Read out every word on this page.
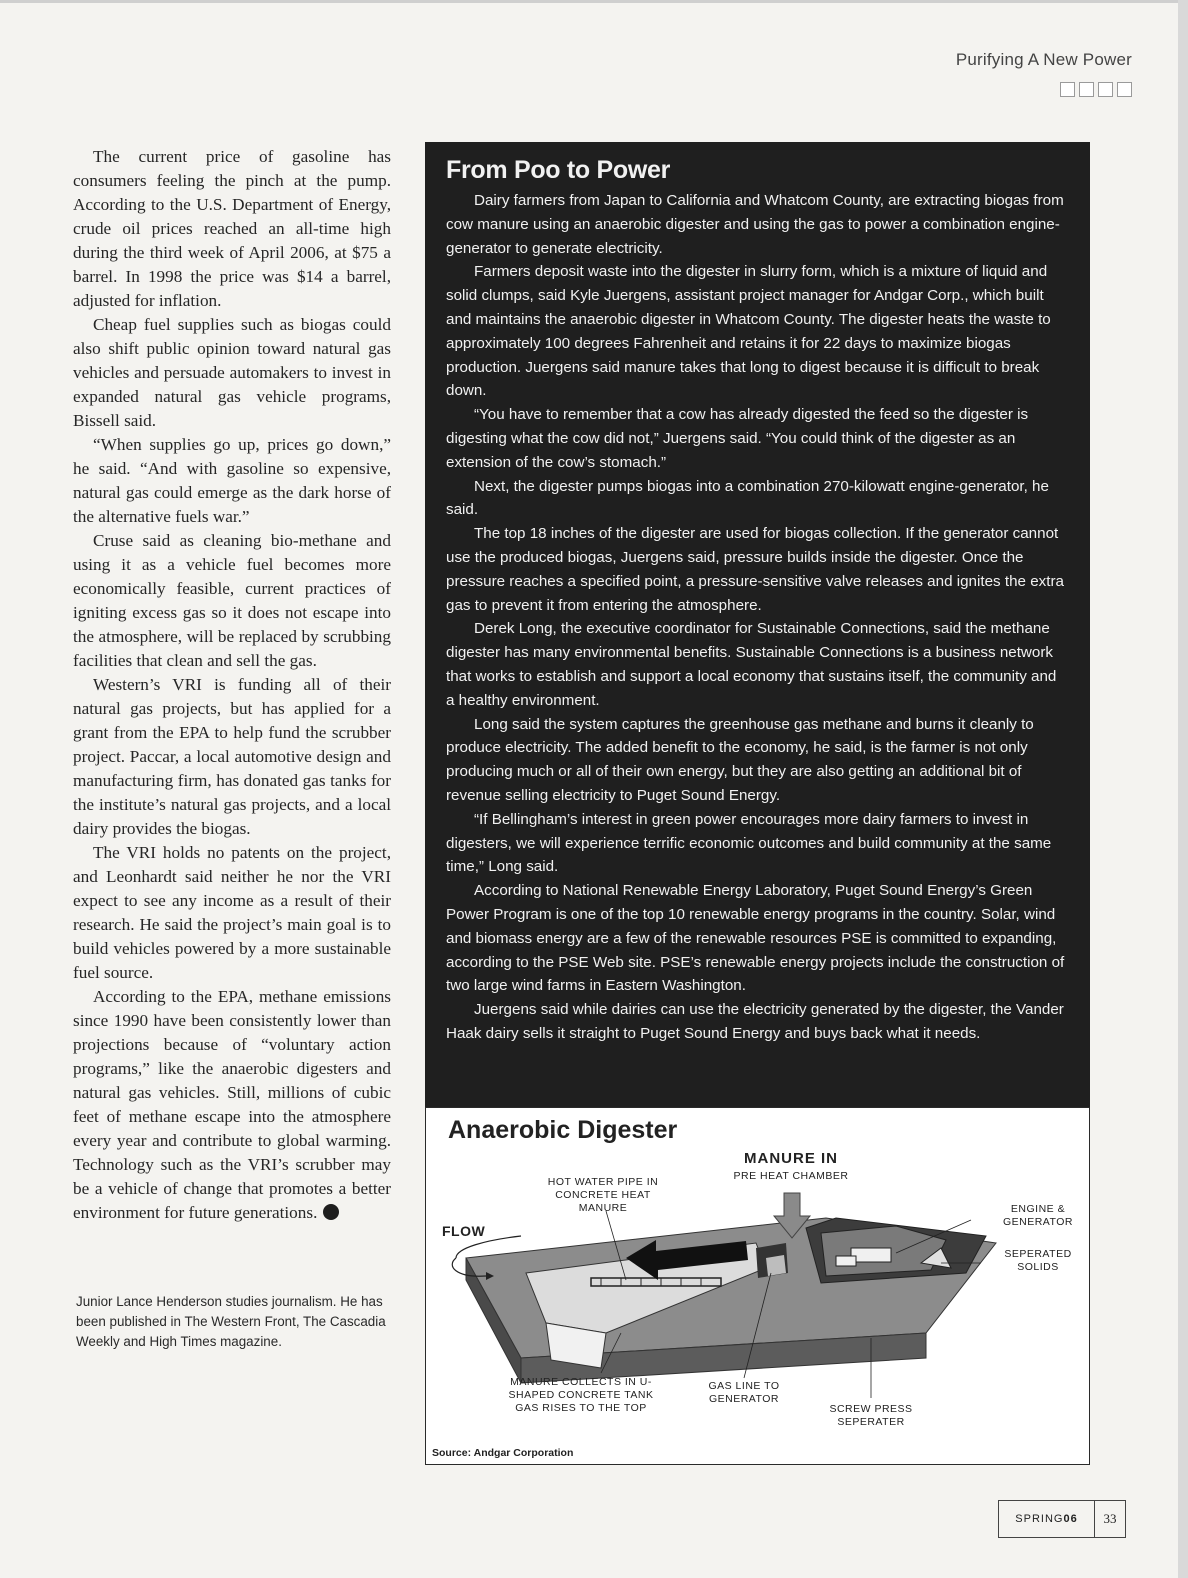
Purifying A New Power

The current price of gasoline has consumers feeling the pinch at the pump. According to the U.S. Department of Energy, crude oil prices reached an all-time high during the third week of April 2006, at $75 a barrel. In 1998 the price was $14 a barrel, adjusted for inflation.

Cheap fuel supplies such as biogas could also shift public opinion toward natural gas vehicles and persuade automakers to invest in expanded natural gas vehicle programs, Bissell said.

“When supplies go up, prices go down,” he said. “And with gasoline so expensive, natural gas could emerge as the dark horse of the alternative fuels war.”

Cruse said as cleaning bio-methane and using it as a vehicle fuel becomes more economically feasible, current practices of igniting excess gas so it does not escape into the atmosphere, will be replaced by scrubbing facilities that clean and sell the gas.

Western’s VRI is funding all of their natural gas projects, but has applied for a grant from the EPA to help fund the scrubber project. Paccar, a local automotive design and manufacturing firm, has donated gas tanks for the institute’s natural gas projects, and a local dairy provides the biogas.

The VRI holds no patents on the project, and Leonhardt said neither he nor the VRI expect to see any income as a result of their research. He said the project’s main goal is to build vehicles powered by a more sustainable fuel source.

According to the EPA, methane emissions since 1990 have been consistently lower than projections because of “voluntary action programs,” like the anaerobic digesters and natural gas vehicles. Still, millions of cubic feet of methane escape into the atmosphere every year and contribute to global warming. Technology such as the VRI’s scrubber may be a vehicle of change that promotes a better environment for future generations.

Junior Lance Henderson studies journalism. He has been published in The Western Front, The Cascadia Weekly and High Times magazine.
From Poo to Power

Dairy farmers from Japan to California and Whatcom County, are extracting biogas from cow manure using an anaerobic digester and using the gas to power a combination engine-generator to generate electricity.

Farmers deposit waste into the digester in slurry form, which is a mixture of liquid and solid clumps, said Kyle Juergens, assistant project manager for Andgar Corp., which built and maintains the anaerobic digester in Whatcom County. The digester heats the waste to approximately 100 degrees Fahrenheit and retains it for 22 days to maximize biogas production. Juergens said manure takes that long to digest because it is difficult to break down.

“You have to remember that a cow has already digested the feed so the digester is digesting what the cow did not,” Juergens said. “You could think of the digester as an extension of the cow’s stomach.”

Next, the digester pumps biogas into a combination 270-kilowatt engine-generator, he said.

The top 18 inches of the digester are used for biogas collection. If the generator cannot use the produced biogas, Juergens said, pressure builds inside the digester. Once the pressure reaches a specified point, a pressure-sensitive valve releases and ignites the extra gas to prevent it from entering the atmosphere.

Derek Long, the executive coordinator for Sustainable Connections, said the methane digester has many environmental benefits. Sustainable Connections is a business network that works to establish and support a local economy that sustains itself, the community and a healthy environment.

Long said the system captures the greenhouse gas methane and burns it cleanly to produce electricity. The added benefit to the economy, he said, is the farmer is not only producing much or all of their own energy, but they are also getting an additional bit of revenue selling electricity to Puget Sound Energy.

“If Bellingham’s interest in green power encourages more dairy farmers to invest in digesters, we will experience terrific economic outcomes and build community at the same time,” Long said.

According to National Renewable Energy Laboratory, Puget Sound Energy’s Green Power Program is one of the top 10 renewable energy programs in the country. Solar, wind and biomass energy are a few of the renewable resources PSE is committed to expanding, according to the PSE Web site. PSE’s renewable energy projects include the construction of two large wind farms in Eastern Washington.

Juergens said while dairies can use the electricity generated by the digester, the Vander Haak dairy sells it straight to Puget Sound Energy and buys back what it needs.

Anaerobic Digester
MANURE IN
PRE HEAT CHAMBER
HOT WATER PIPE IN CONCRETE HEAT MANURE
FLOW
ENGINE & GENERATOR
SEPERATED SOLIDS
MANURE COLLECTS IN U-SHAPED CONCRETE TANK GAS RISES TO THE TOP
GAS LINE TO GENERATOR
SCREW PRESS SEPERATER
Source: Andgar Corporation
SPRING 06	33
